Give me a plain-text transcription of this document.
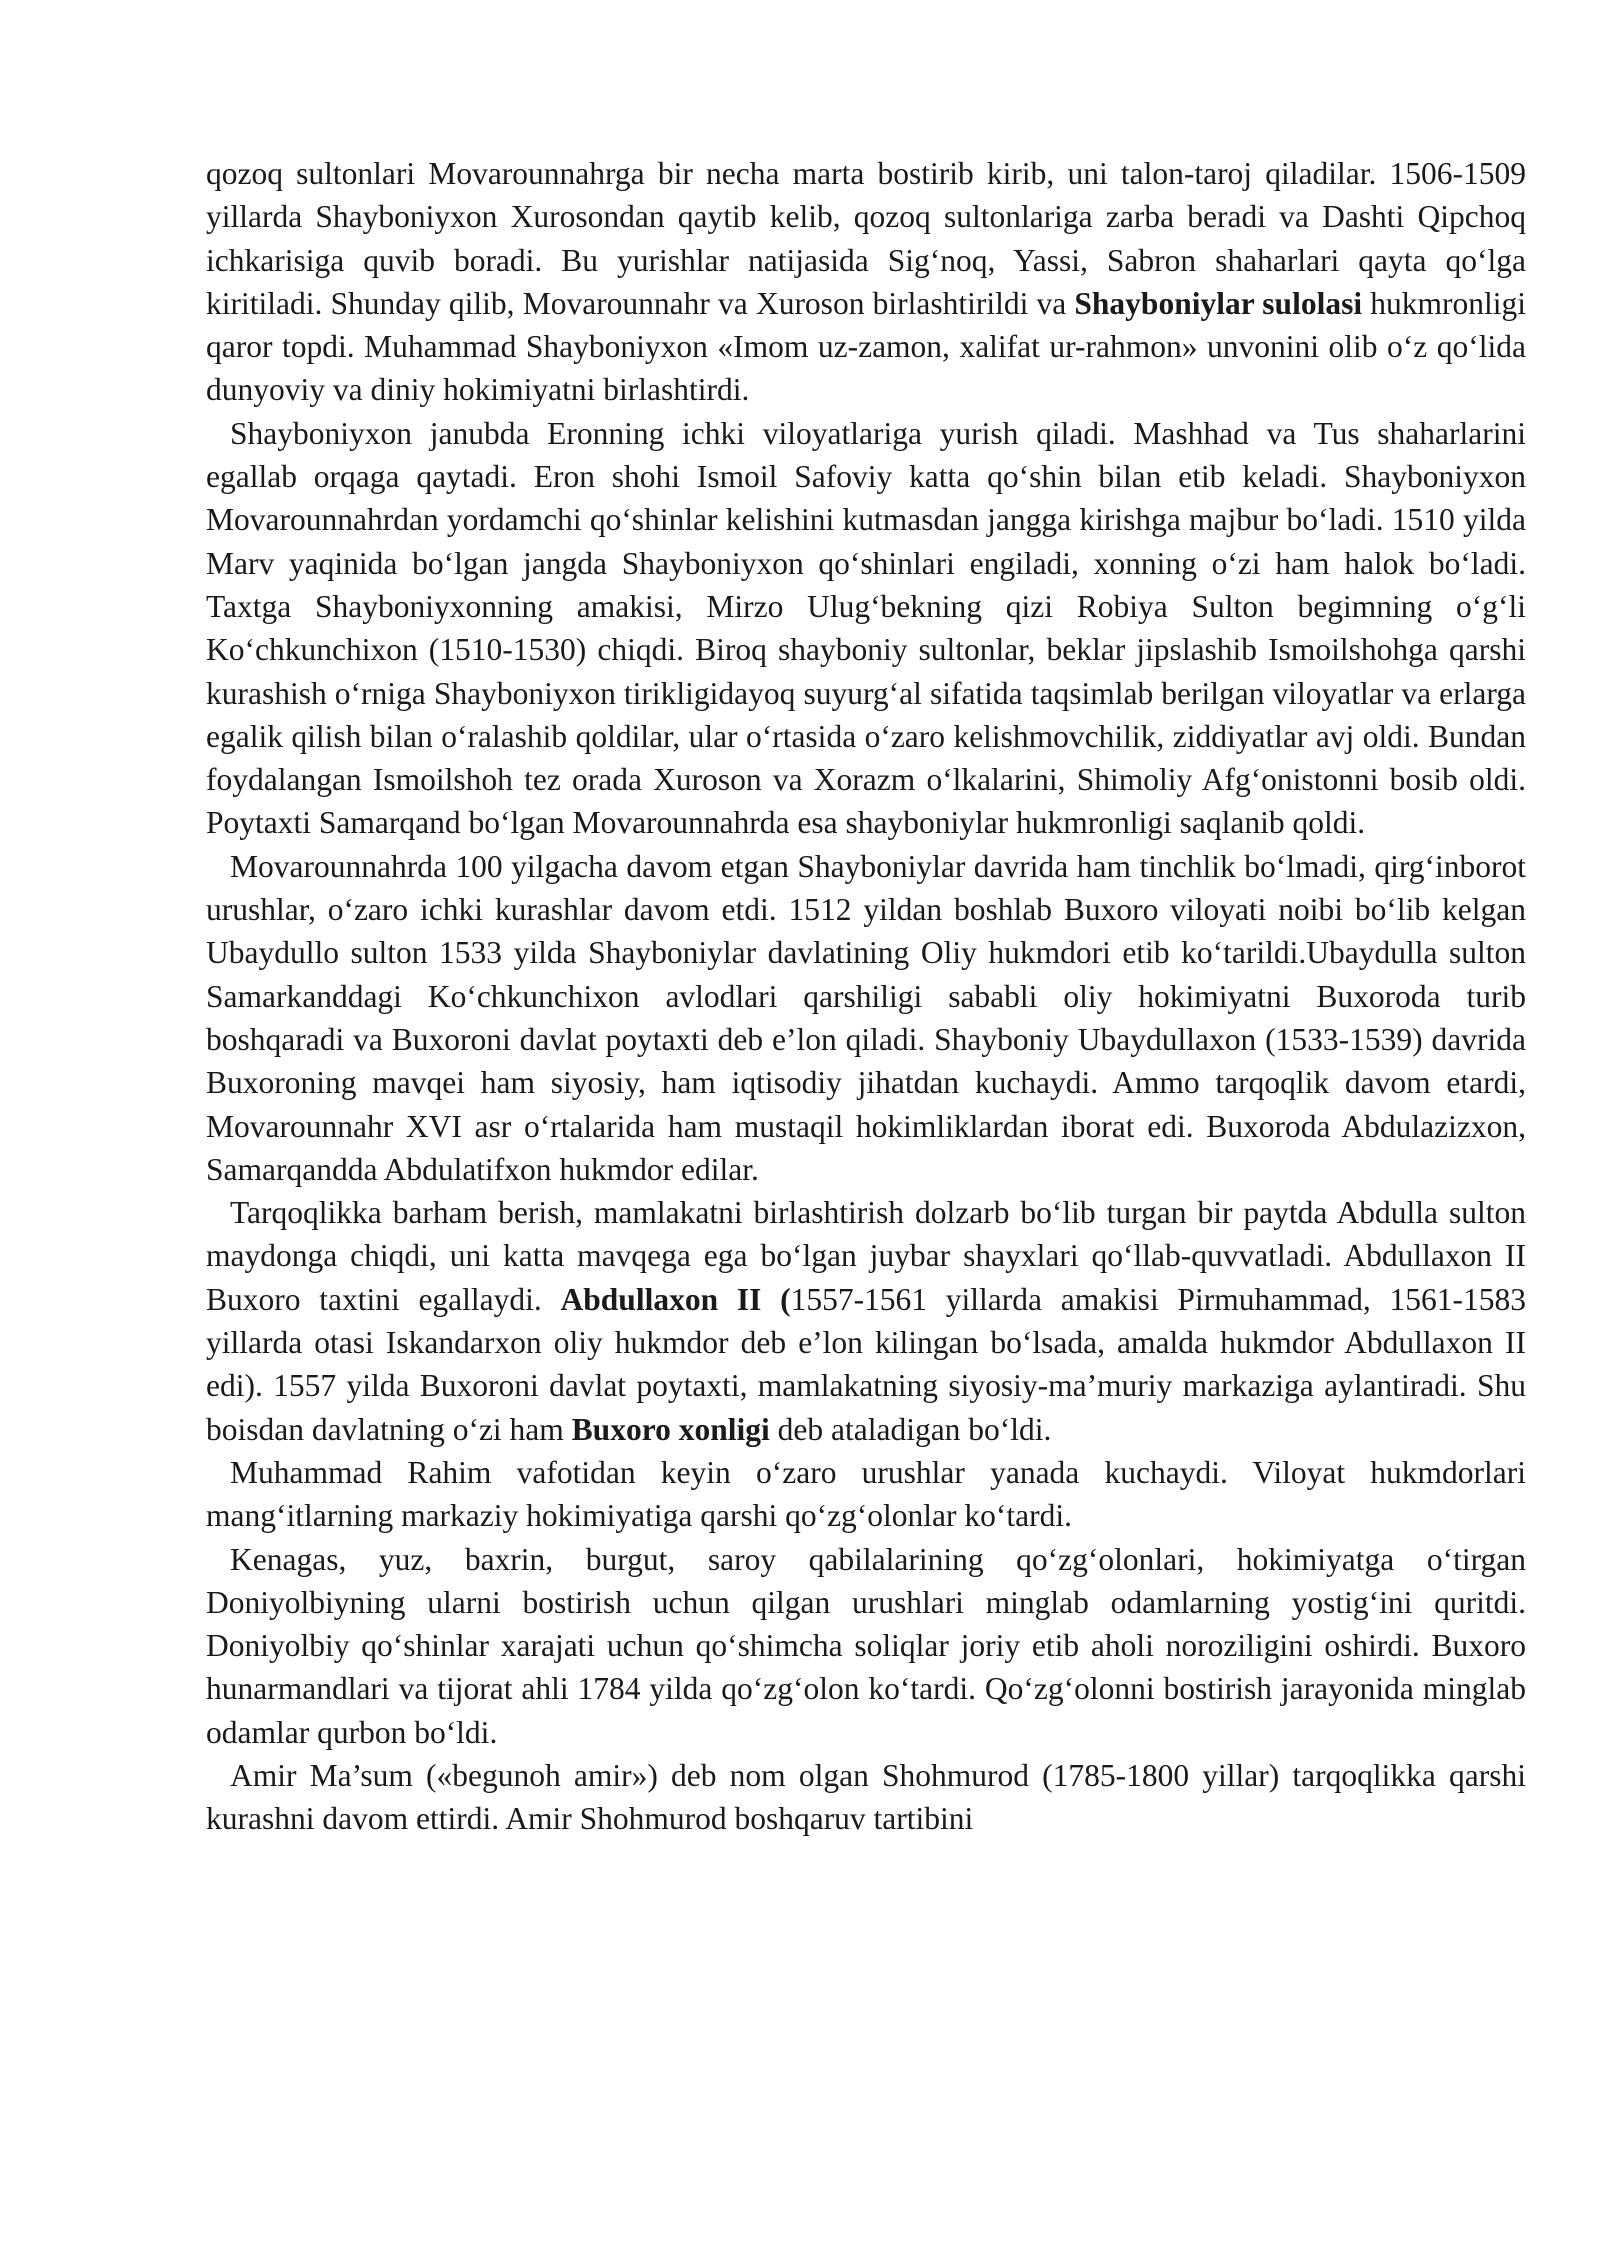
qozoq sultonlari Movarounnahrga bir necha marta bostirib kirib, uni talon-taroj qiladilar. 1506-1509 yillarda Shayboniyxon Xurosondan qaytib kelib, qozoq sultonlariga zarba beradi va Dashti Qipchoq ichkarisiga quvib boradi. Bu yurishlar natijasida Sig‘noq, Yassi, Sabron shaharlari qayta qo‘lga kiritiladi. Shunday qilib, Movarounnahr va Xuroson birlashtirildi va Shayboniylar sulolasi hukmronligi qaror topdi. Muhammad Shayboniyxon «Imom uz-zamon, xalifat ur-rahmon» unvonini olib o‘z qo‘lida dunyoviy va diniy hokimiyatni birlashtirdi.

Shayboniyxon janubda Eronning ichki viloyatlariga yurish qiladi. Mashhad va Tus shaharlarini egallab orqaga qaytadi. Eron shohi Ismoil Safoviy katta qo‘shin bilan etib keladi. Shayboniyxon Movarounnahrdan yordamchi qo‘shinlar kelishini kutmasdan jangga kirishga majbur bo‘ladi. 1510 yilda Marv yaqinida bo‘lgan jangda Shayboniyxon qo‘shinlari engiladi, xonning o‘zi ham halok bo‘ladi. Taxtga Shayboniyxonning amakisi, Mirzo Ulug‘bekning qizi Robiya Sulton begimning o‘g‘li Ko‘chkunchixon (1510-1530) chiqdi. Biroq shayboniy sultonlar, beklar jipslashib Ismoilshohga qarshi kurashish o‘rniga Shayboniyxon tirikligidayoq suyurg‘al sifatida taqsimlab berilgan viloyatlar va erlarga egalik qilish bilan o‘ralashib qoldilar, ular o‘rtasida o‘zaro kelishmovchilik, ziddiyatlar avj oldi. Bundan foydalangan Ismoilshoh tez orada Xuroson va Xorazm o‘lkalarini, Shimoliy Afg‘onistonni bosib oldi. Poytaxti Samarqand bo‘lgan Movarounnahrda esa shayboniylar hukmronligi saqlanib qoldi.

Movarounnahrda 100 yilgacha davom etgan Shayboniylar davrida ham tinchlik bo‘lmadi, qirg‘inborot urushlar, o‘zaro ichki kurashlar davom etdi. 1512 yildan boshlab Buxoro viloyati noibi bo‘lib kelgan Ubaydullo sulton 1533 yilda Shayboniylar davlatining Oliy hukmdori etib ko‘tarildi.Ubaydulla sulton Samarkanddagi Ko‘chkunchixon avlodlari qarshiligi sababli oliy hokimiyatni Buxoroda turib boshqaradi va Buxoroni davlat poytaxti deb e’lon qiladi. Shayboniy Ubaydullaxon (1533-1539) davrida Buxoroning mavqei ham siyosiy, ham iqtisodiy jihatdan kuchaydi. Ammo tarqoqlik davom etardi, Movarounnahr XVI asr o‘rtalarida ham mustaqil hokimliklardan iborat edi. Buxoroda Abdulazizxon, Samarqandda Abdulatifxon hukmdor edilar.

Tarqoqlikka barham berish, mamlakatni birlashtirish dolzarb bo‘lib turgan bir paytda Abdulla sulton maydonga chiqdi, uni katta mavqega ega bo‘lgan juybar shayxlari qo‘llab-quvvatladi. Abdullaxon II Buxoro taxtini egallaydi. Abdullaxon II (1557-1561 yillarda amakisi Pirmuhammad, 1561-1583 yillarda otasi Iskandarxon oliy hukmdor deb e’lon kilingan bo‘lsada, amalda hukmdor Abdullaxon II edi). 1557 yilda Buxoroni davlat poytaxti, mamlakatning siyosiy-ma’muriy markaziga aylantiradi. Shu boisdan davlatning o‘zi ham Buxoro xonligi deb ataladigan bo‘ldi.

Muhammad Rahim vafotidan keyin o‘zaro urushlar yanada kuchaydi. Viloyat hukmdorlari mang‘itlarning markaziy hokimiyatiga qarshi qo‘zg‘olonlar ko‘tardi.

Kenagas, yuz, baxrin, burgut, saroy qabilalarining qo‘zg‘olonlari, hokimiyatga o‘tirgan Doniyolbiyning ularni bostirish uchun qilgan urushlari minglab odamlarning yostig‘ini quritdi. Doniyolbiy qo‘shinlar xarajati uchun qo‘shimcha soliqlar joriy etib aholi noroziligini oshirdi. Buxoro hunarmandlari va tijorat ahli 1784 yilda qo‘zg‘olon ko‘tardi. Qo‘zg‘olonni bostirish jarayonida minglab odamlar qurbon bo‘ldi.

Amir Ma’sum («begunoh amir») deb nom olgan Shohmurod (1785-1800 yillar) tarqoqlikka qarshi kurashni davom ettirdi. Amir Shohmurod boshqaruv tartibini
